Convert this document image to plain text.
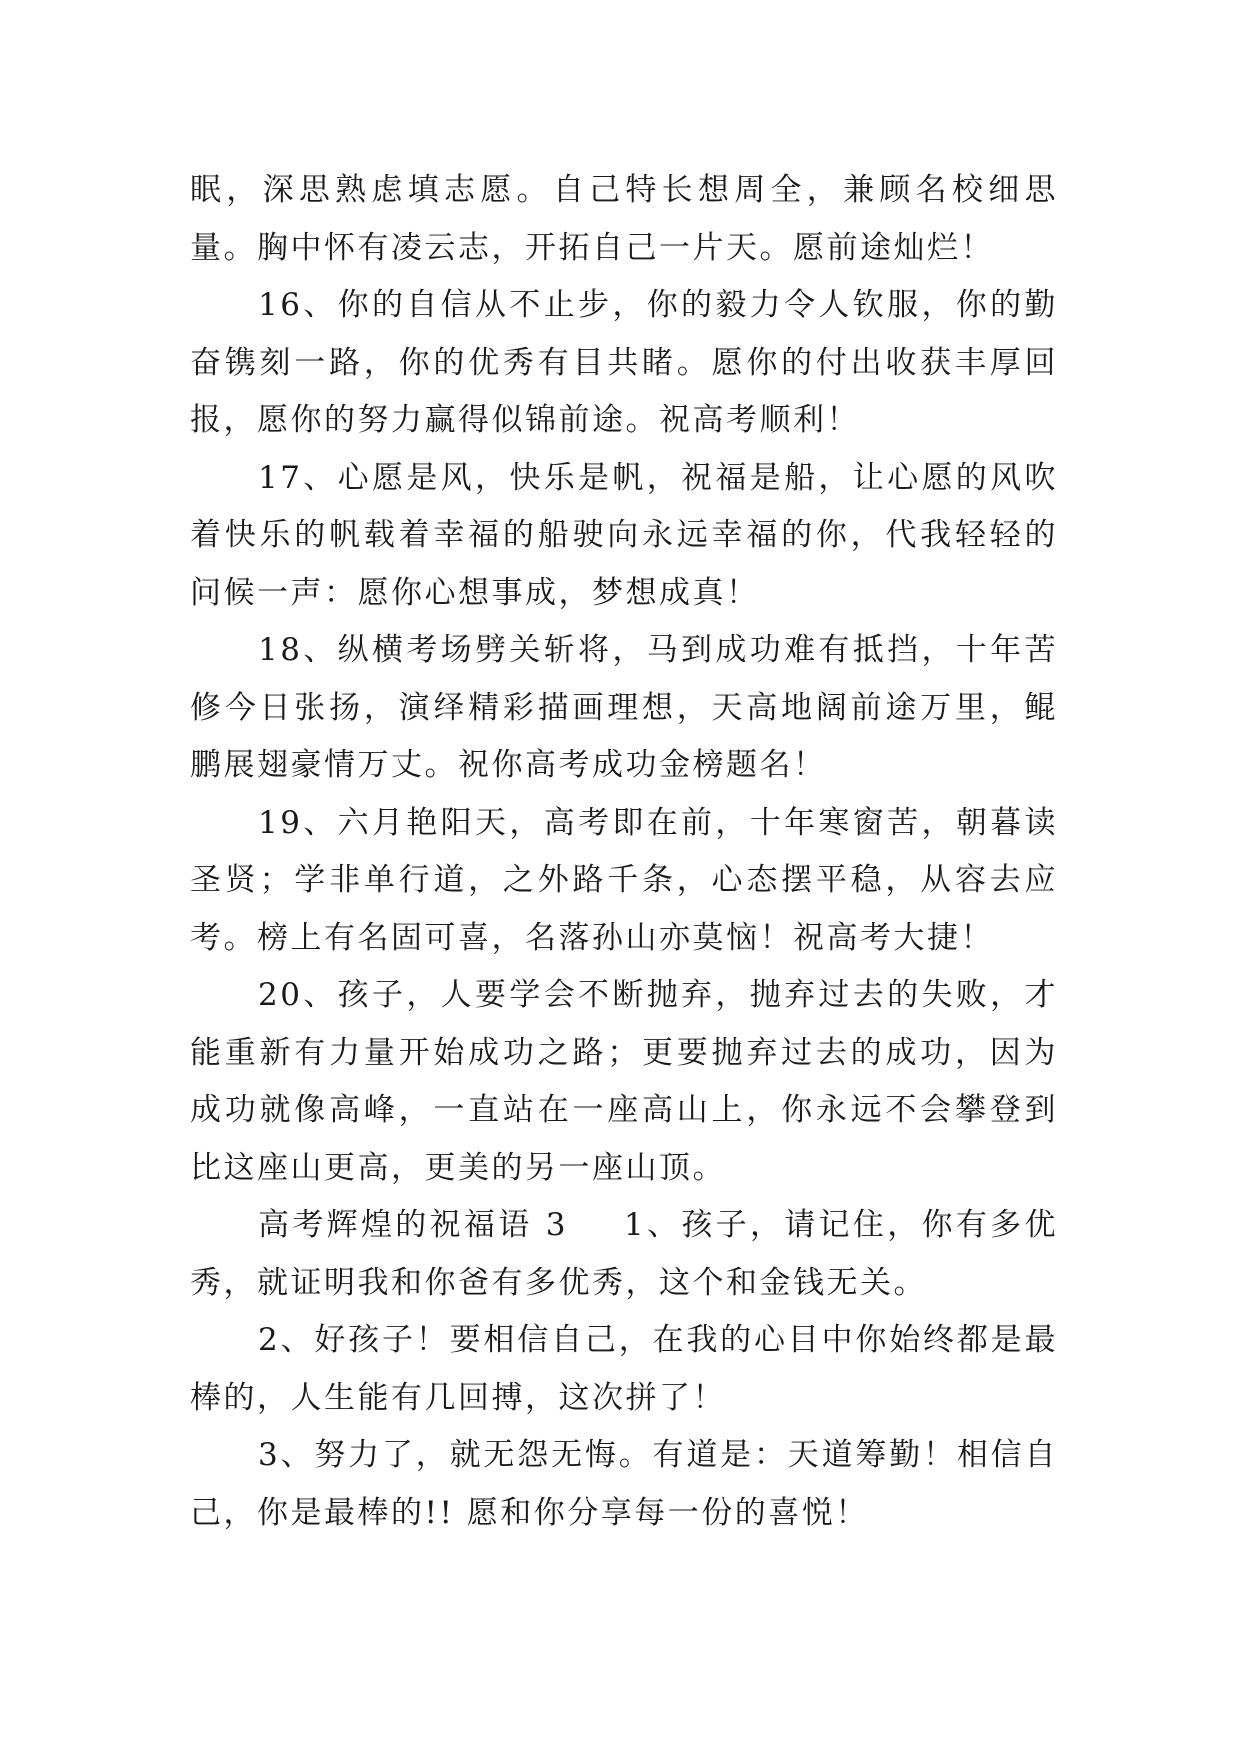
眠，深思熟虑填志愿。自己特长想周全，兼顾名校细思量。胸中怀有凌云志，开拓自己一片天。愿前途灿烂！

16、你的自信从不止步，你的毅力令人钦服，你的勤奋镌刻一路，你的优秀有目共睹。愿你的付出收获丰厚回报，愿你的努力赢得似锦前途。祝高考顺利！

17、心愿是风，快乐是帆，祝福是船，让心愿的风吹着快乐的帆载着幸福的船驶向永远幸福的你，代我轻轻的问候一声：愿你心想事成，梦想成真！

18、纵横考场劈关斩将，马到成功难有抵挡，十年苦修今日张扬，演绎精彩描画理想，天高地阔前途万里，鲲鹏展翅豪情万丈。祝你高考成功金榜题名！

19、六月艳阳天，高考即在前，十年寒窗苦，朝暮读圣贤；学非单行道，之外路千条，心态摆平稳，从容去应考。榜上有名固可喜，名落孙山亦莫恼！祝高考大捷！

20、孩子，人要学会不断抛弃，抛弃过去的失败，才能重新有力量开始成功之路；更要抛弃过去的成功，因为成功就像高峰，一直站在一座高山上，你永远不会攀登到比这座山更高，更美的另一座山顶。

高考辉煌的祝福语 3 1、孩子，请记住，你有多优秀，就证明我和你爸有多优秀，这个和金钱无关。

2、好孩子！要相信自己，在我的心目中你始终都是最棒的，人生能有几回搏，这次拼了！

3、努力了，就无怨无悔。有道是：天道筹勤！相信自己，你是最棒的!! 愿和你分享每一份的喜悦！
